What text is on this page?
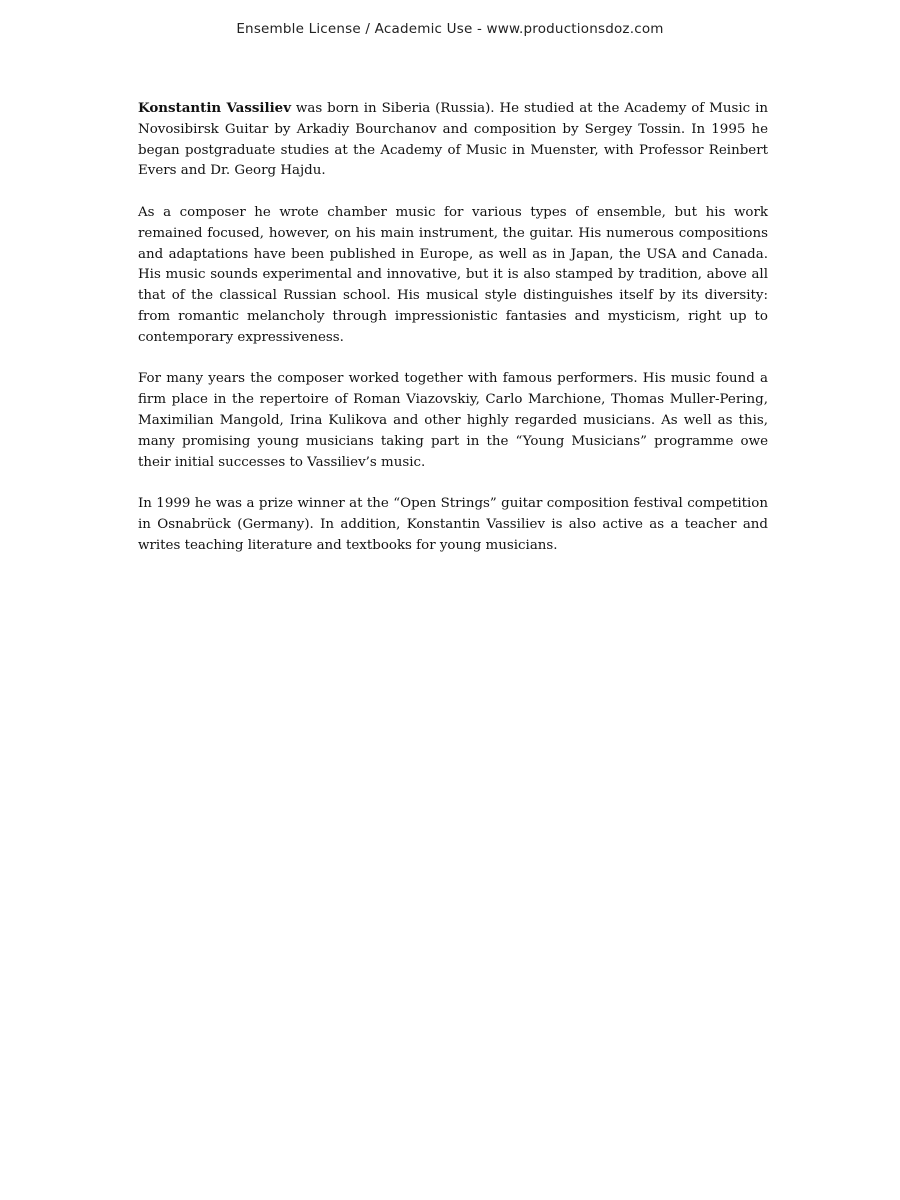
Ensemble License / Academic Use - www.productionsdoz.com

Konstantin Vassiliev was born in Siberia (Russia). He studied at the Academy of Music in Novosibirsk Guitar by Arkadiy Bourchanov and composition by Sergey Tossin. In 1995 he began postgraduate studies at the Academy of Music in Muenster, with Professor Reinbert Evers and Dr. Georg Hajdu.

As a composer he wrote chamber music for various types of ensemble, but his work remained focused, however, on his main instrument, the guitar. His numerous compositions and adaptations have been published in Europe, as well as in Japan, the USA and Canada. His music sounds experimental and innovative, but it is also stamped by tradition, above all that of the classical Russian school. His musical style distinguishes itself by its diversity: from romantic melancholy through impressionistic fantasies and mysticism, right up to contemporary expressiveness.

For many years the composer worked together with famous performers. His music found a firm place in the repertoire of Roman Viazovskiy, Carlo Marchione, Thomas Muller-Pering, Maximilian Mangold, Irina Kulikova and other highly regarded musicians. As well as this, many promising young musicians taking part in the “Young Musicians” programme owe their initial successes to Vassiliev’s music.

In 1999 he was a prize winner at the “Open Strings” guitar composition festival competition in Osnabrück (Germany). In addition, Konstantin Vassiliev is also active as a teacher and writes teaching literature and textbooks for young musicians.
